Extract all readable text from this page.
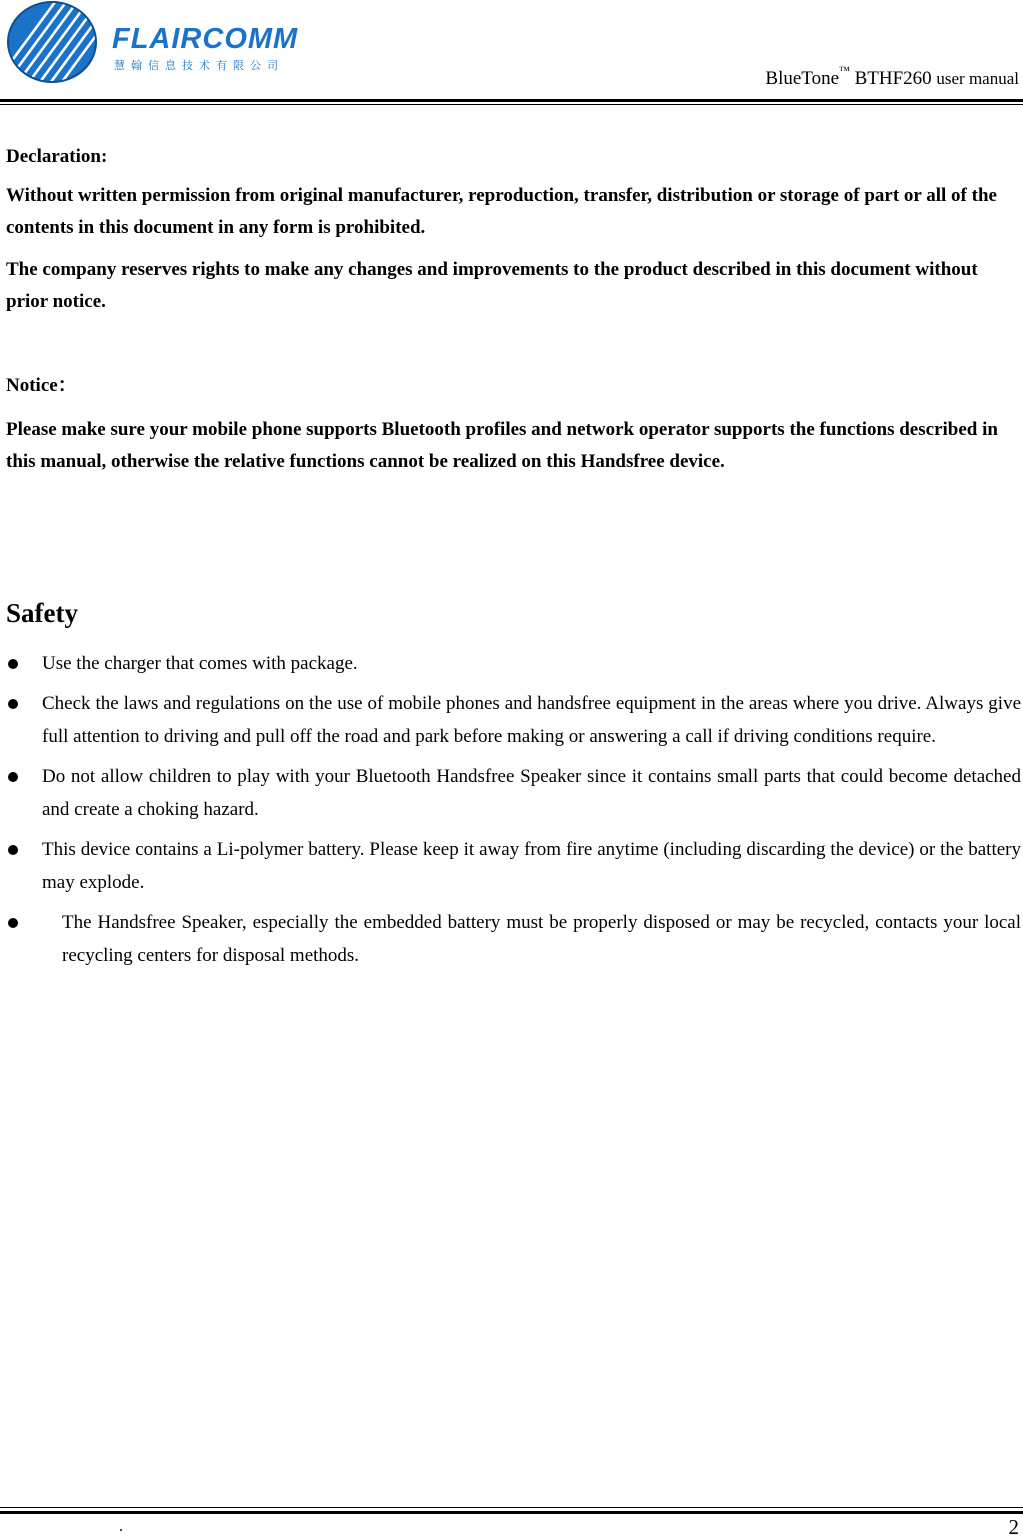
FLAIRCOMM
慧翰信息技术有限公司
BlueTone™ BTHF260 user manual
Declaration:

Without written permission from original manufacturer, reproduction, transfer, distribution or storage of part or all of the contents in this document in any form is prohibited.

The company reserves rights to make any changes and improvements to the product described in this document without prior notice.

Notice：

Please make sure your mobile phone supports Bluetooth profiles and network operator supports the functions described in this manual, otherwise the relative functions cannot be realized on this Handsfree device.

Safety
Use the charger that comes with package.
Check the laws and regulations on the use of mobile phones and handsfree equipment in the areas where you drive. Always give full attention to driving and pull off the road and park before making or answering a call if driving conditions require.
Do not allow children to play with your Bluetooth Handsfree Speaker since it contains small parts that could become detached and create a choking hazard.
This device contains a Li-polymer battery. Please keep it away from fire anytime (including discarding the device) or the battery may explode.
The Handsfree Speaker, especially the embedded battery must be properly disposed or may be recycled, contacts your local recycling centers for disposal methods.
.	2
